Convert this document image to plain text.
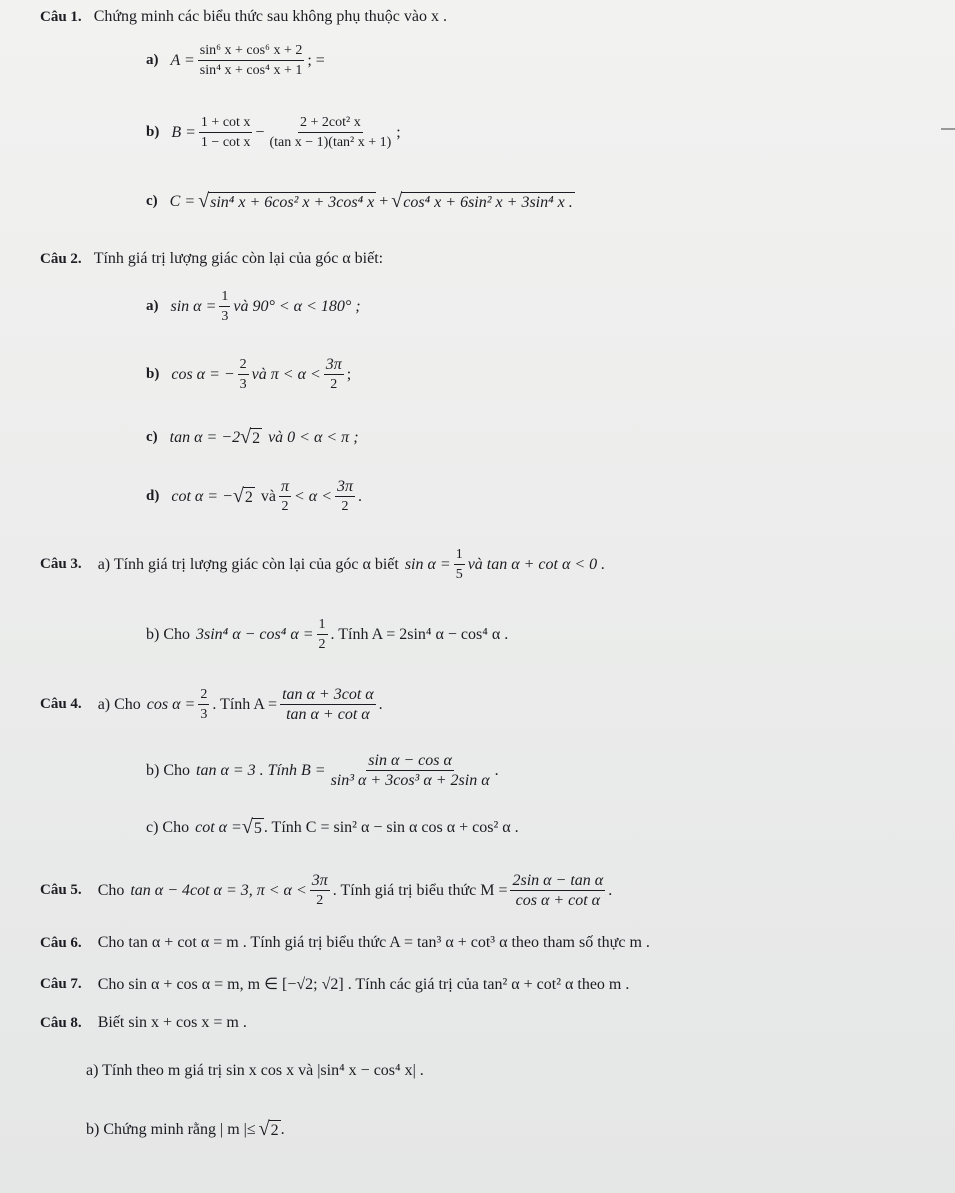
Câu 1. Chứng minh các biểu thức sau không phụ thuộc vào x .
a) $A = \frac{\text{sin⁶ x + cos⁶ x + 2}}{\text{sin⁴ x + cos⁴ x + 1}}$ ; =
b) $B = \frac{\text{1 + cot x}}{\text{1 − cot x}} - \frac{\text{2 + 2cot² x}}{\text{(tan x − 1)(tan² x + 1)}}$ ;
c) C = √ sin⁴ x + 6cos² x + 3cos⁴ x + √ cos⁴ x + 6sin² x + 3sin⁴ x .
Câu 2. Tính giá trị lượng giác còn lại của góc α biết:
a) $\sin \alpha = \frac{1}{3}$ và 90° < α < 180° ;
b) cos α = − $\frac{2}{3}$ và $\pi < \alpha < \frac{3\pi}{2}$ ;
c) tan α = −2 √ 2 và 0 < α < π ;
d) cot α = − √ 2 và $\frac{\pi}{2} < \alpha < \frac{3\pi}{2}$ .
Câu 3. a) Tính giá trị lượng giác còn lại của góc α biết $\sin \alpha = \frac{1}{5}$ và tan α + cot α < 0 .
b) Cho 3sin⁴ α − cos⁴ $\alpha = \frac{1}{2}$ . Tính A = 2sin⁴ α − cos⁴ α .
Câu 4. a) Cho $\cos \alpha = \frac{2}{3}$ . Tính $A = \frac{\text{tan α + 3cot α}}{\text{tan α + cot α}}$ .
b) Cho tan α = 3 . Tính $B = \frac{\text{sin α − cos α}}{\text{sin³ α + 3cos³ α + 2sin α}}$ .
c) Cho cot α = √ 5 . Tính C = sin² α − sin α cos α + cos² α .
Câu 5. Cho tan α − 4cot α = 3, $\pi < \alpha < \frac{3\pi}{2}$ . Tính giá trị biểu thức $M = \frac{\text{2sin α − tan α}}{\text{cos α + cot α}}$ .
Câu 6. Cho tan α + cot α = m . Tính giá trị biểu thức A = tan³ α + cot³ α theo tham số thực m .
Câu 7. Cho sin α + cos α = m, m ∈ [−√2; √2] . Tính các giá trị của tan² α + cot² α theo m .
Câu 8. Biết sin x + cos x = m .
a) Tính theo m giá trị sin x cos x và |sin⁴ x − cos⁴ x| .
b) Chứng minh rằng | m |≤ √ 2 .
